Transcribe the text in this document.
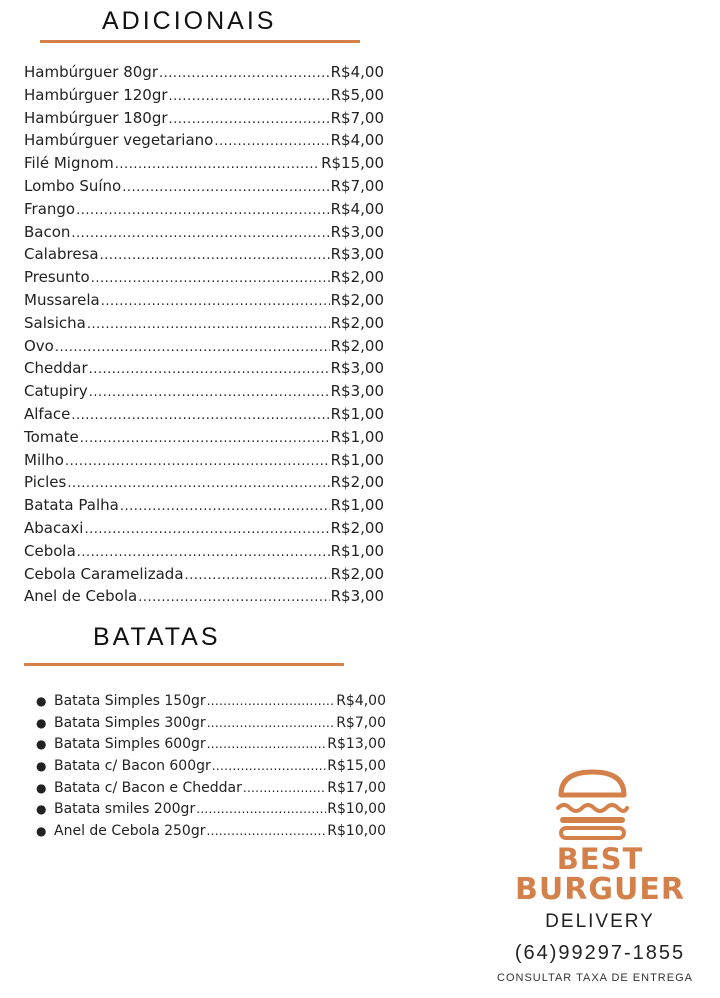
ADICIONAIS
Hambúrguer 80gr .....	R$4,00
Hambúrguer 120gr .....	R$5,00
Hambúrguer 180gr .....	R$7,00
Hambúrguer vegetariano .....	R$4,00
Filé Mignom .....	R$15,00
Lombo Suíno .....	R$7,00
Frango .....	R$4,00
Bacon .....	R$3,00
Calabresa .....	R$3,00
Presunto .....	R$2,00
Mussarela .....	R$2,00
Salsicha .....	R$2,00
Ovo .....	R$2,00
Cheddar .....	R$3,00
Catupiry .....	R$3,00
Alface .....	R$1,00
Tomate .....	R$1,00
Milho .....	R$1,00
Picles .....	R$2,00
Batata Palha .....	R$1,00
Abacaxi .....	R$2,00
Cebola .....	R$1,00
Cebola Caramelizada .....	R$2,00
Anel de Cebola .....	R$3,00
BATATAS
● Batata Simples 150gr .....	R$4,00
● Batata Simples 300gr .....	R$7,00
● Batata Simples 600gr .....	R$13,00
● Batata c/ Bacon 600gr .....	R$15,00
● Batata c/ Bacon e Cheddar .....	R$17,00
● Batata smiles 200gr .....	R$10,00
● Anel de Cebola 250gr .....	R$10,00
BEST
BURGUER
DELIVERY
(64)99297-1855
CONSULTAR TAXA DE ENTREGA
